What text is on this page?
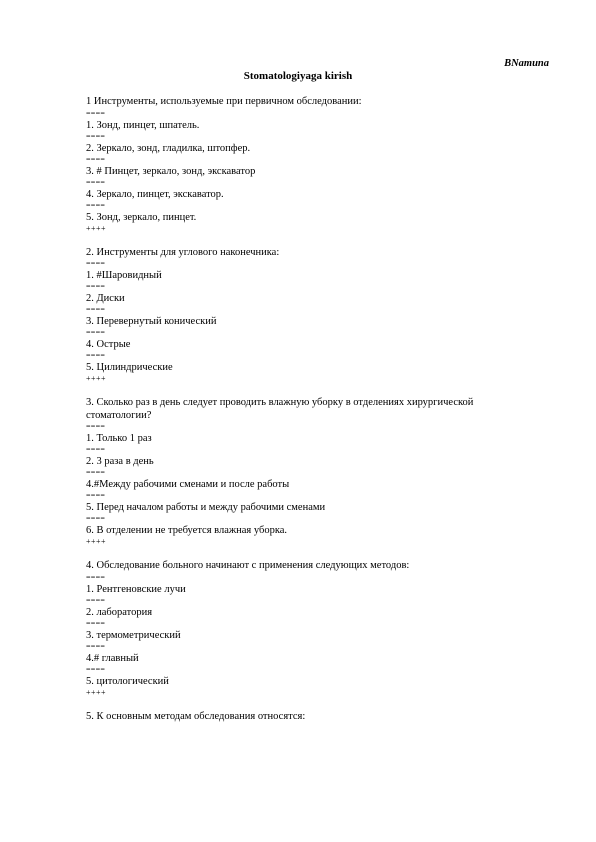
BNamuna
Stomatologiyaga kirish

1 Инструменты, используемые при первичном обследовании:

====

1. Зонд, пинцет, шпатель.

====

2. Зеркало, зонд, гладилка, штопфер.

====

3. # Пинцет, зеркало, зонд, экскаватор

====

4. Зеркало, пинцет, экскаватор.

====

5. Зонд, зеркало, пинцет.

++++

2. Инструменты для углового наконечника:

====

1. #Шаровидный

====

2. Диски

====

3. Перевернутый конический

====

4. Острые

====

5. Цилиндрические

++++

3. Сколько раз в день следует проводить влажную уборку в отделениях хирургической стоматологии?

====

1. Только 1 раз

====

2. 3 раза в день

====

4.#Между рабочими сменами и после работы

====

5. Перед началом работы и между рабочими сменами

====

6. В отделении не требуется влажная уборка.

++++

4. Обследование больного начинают с применения следующих методов:

====

1. Рентгеновские лучи

====

2. лаборатория

====

3. термометрический

====

4.# главный

====

5. цитологический

++++

5. К основным методам обследования относятся:
